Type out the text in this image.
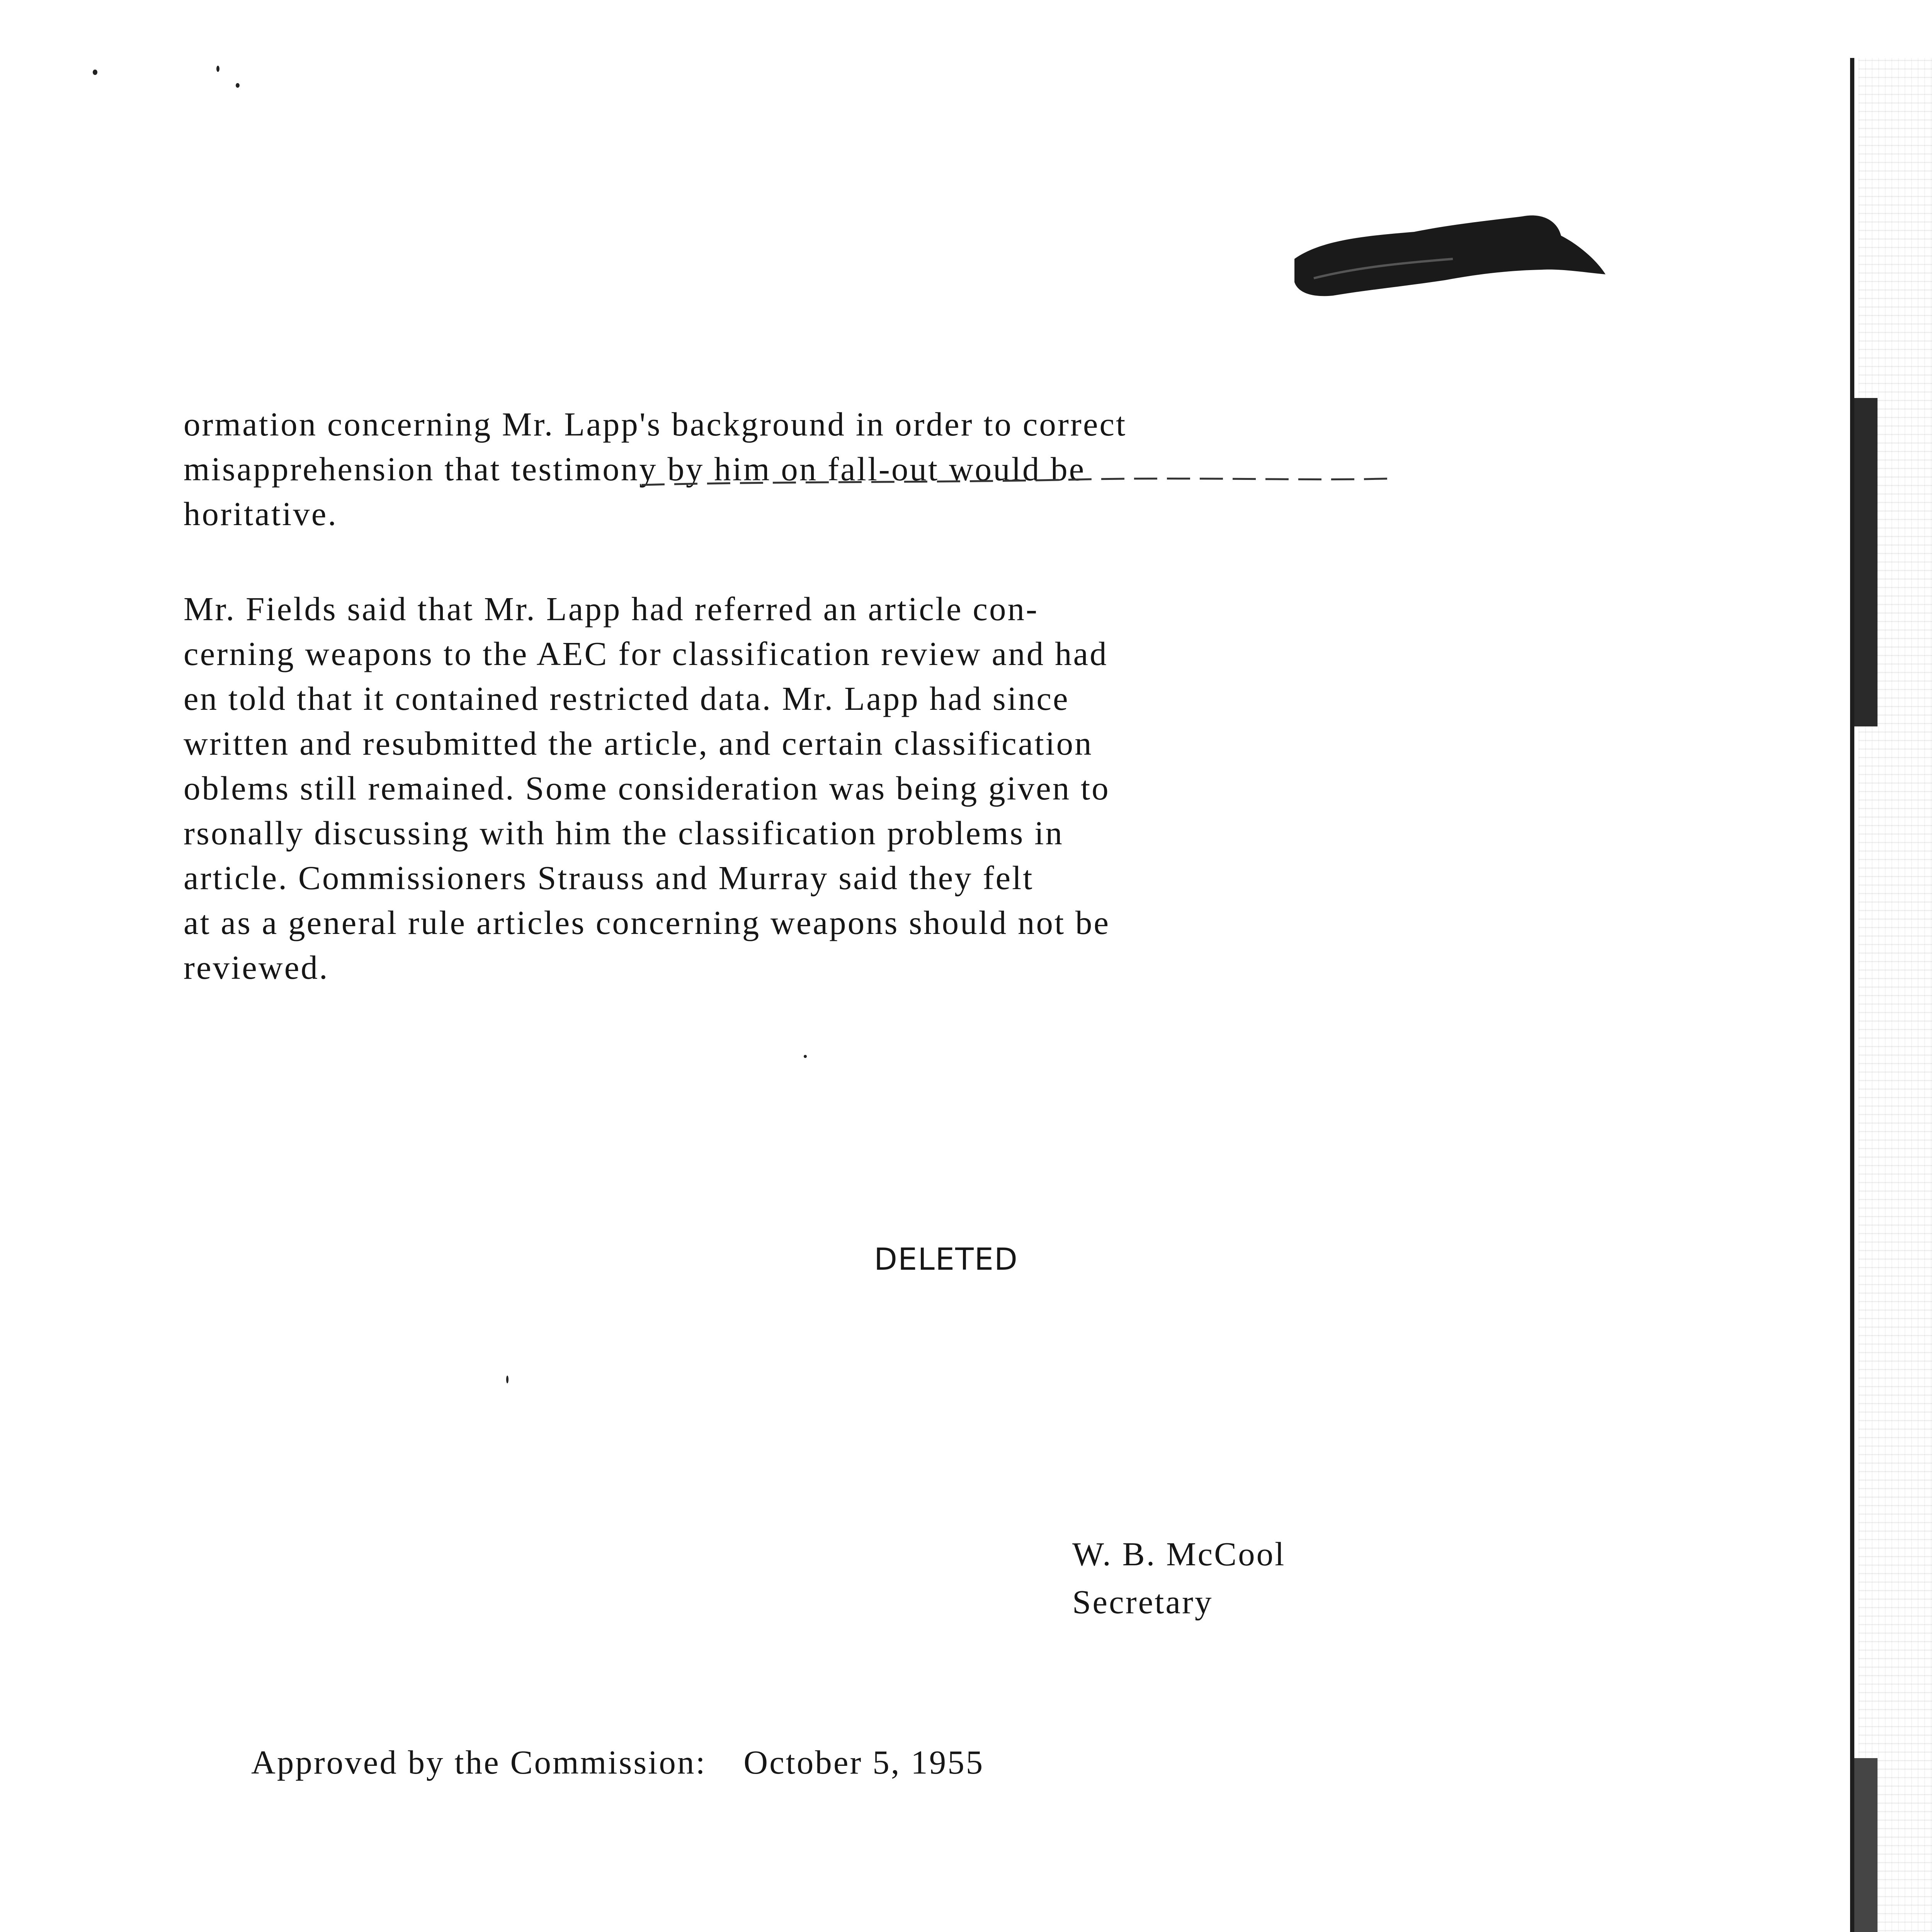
ormation concerning Mr. Lapp's background in order to correct
misapprehension that testimony by him on fall-out would be
horitative.

Mr. Fields said that Mr. Lapp had referred an article con-
cerning weapons to the AEC for classification review and had
en told that it contained restricted data. Mr. Lapp had since
written and resubmitted the article, and certain classification
oblems still remained. Some consideration was being given to
rsonally discussing with him the classification problems in
article. Commissioners Strauss and Murray said they felt
at as a general rule articles concerning weapons should not be
reviewed.

DELETED
W. B. McCool
Secretary
Approved by the Commission: October 5, 1955
